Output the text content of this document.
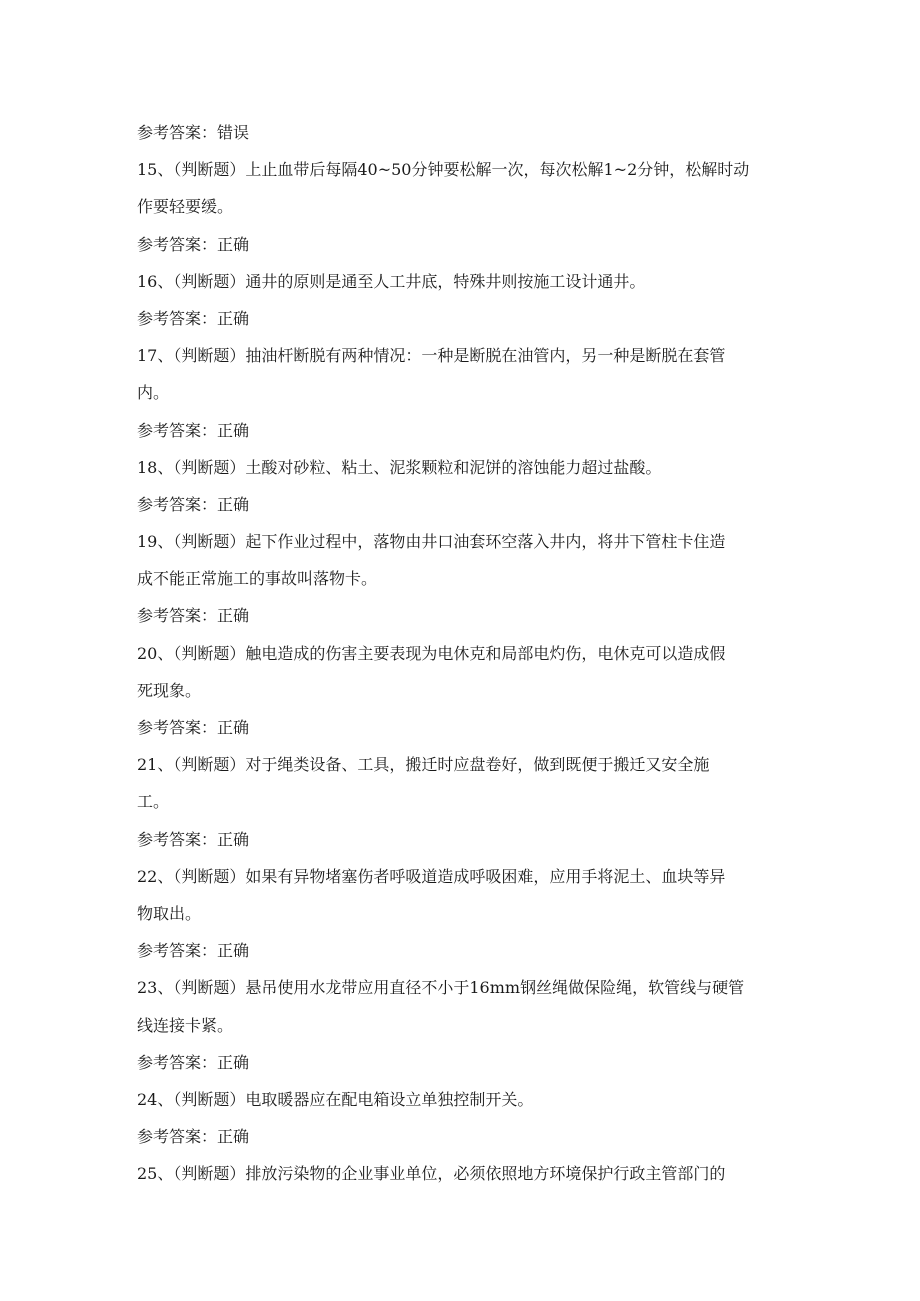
参考答案：错误
15、（判断题）上止血带后每隔40~50分钟要松解一次，每次松解1~2分钟，松解时动
作要轻要缓。
参考答案：正确
16、（判断题）通井的原则是通至人工井底，特殊井则按施工设计通井。
参考答案：正确
17、（判断题）抽油杆断脱有两种情况：一种是断脱在油管内，另一种是断脱在套管
内。
参考答案：正确
18、（判断题）土酸对砂粒、粘土、泥浆颗粒和泥饼的溶蚀能力超过盐酸。
参考答案：正确
19、（判断题）起下作业过程中，落物由井口油套环空落入井内，将井下管柱卡住造
成不能正常施工的事故叫落物卡。
参考答案：正确
20、（判断题）触电造成的伤害主要表现为电休克和局部电灼伤，电休克可以造成假
死现象。
参考答案：正确
21、（判断题）对于绳类设备、工具，搬迁时应盘卷好，做到既便于搬迁又安全施
工。
参考答案：正确
22、（判断题）如果有异物堵塞伤者呼吸道造成呼吸困难，应用手将泥土、血块等异
物取出。
参考答案：正确
23、（判断题）悬吊使用水龙带应用直径不小于16mm钢丝绳做保险绳，软管线与硬管
线连接卡紧。
参考答案：正确
24、（判断题）电取暖器应在配电箱设立单独控制开关。
参考答案：正确
25、（判断题）排放污染物的企业事业单位，必须依照地方环境保护行政主管部门的
